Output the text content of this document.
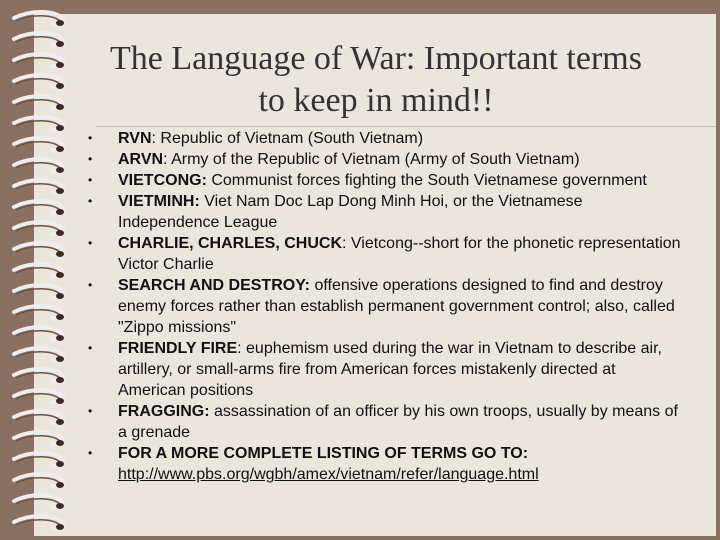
The Language of War: Important terms to keep in mind!!
• RVN: Republic of Vietnam (South Vietnam)
• ARVN: Army of the Republic of Vietnam (Army of South Vietnam)
• VIETCONG: Communist forces fighting the South Vietnamese government
• VIETMINH: Viet Nam Doc Lap Dong Minh Hoi, or the Vietnamese Independence League
• CHARLIE, CHARLES, CHUCK: Vietcong--short for the phonetic representation Victor Charlie
• SEARCH AND DESTROY: offensive operations designed to find and destroy enemy forces rather than establish permanent government control; also, called "Zippo missions"
• FRIENDLY FIRE: euphemism used during the war in Vietnam to describe air, artillery, or small-arms fire from American forces mistakenly directed at American positions
• FRAGGING: assassination of an officer by his own troops, usually by means of a grenade
• FOR A MORE COMPLETE LISTING OF TERMS GO TO:
http://www.pbs.org/wgbh/amex/vietnam/refer/language.html
